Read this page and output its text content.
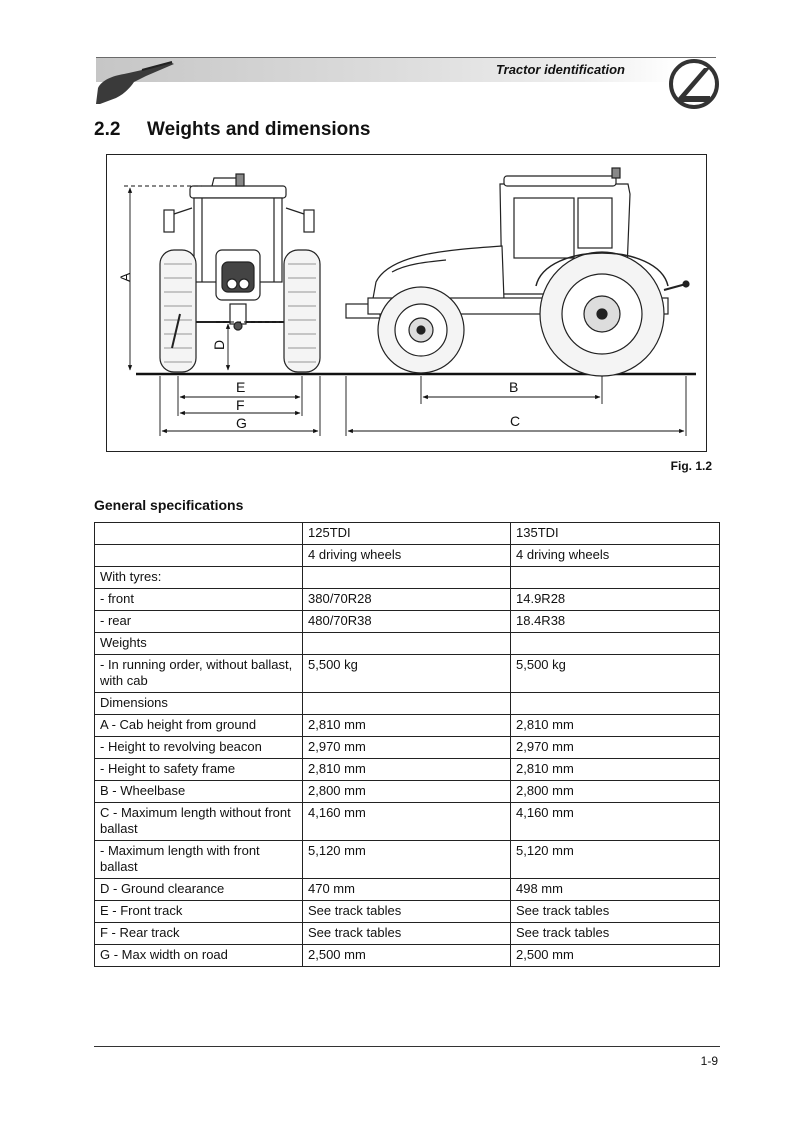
Tractor identification
2.2 Weights and dimensions
A
D
E
F
G
B
C
Fig. 1.2
General specifications
	125TDI	135TDI
	4 driving wheels	4 driving wheels
With tyres:		
- front	380/70R28	14.9R28
- rear	480/70R38	18.4R38
Weights		
- In running order, without ballast, with cab	5,500 kg	5,500 kg
Dimensions		
A - Cab height from ground	2,810 mm	2,810 mm
- Height to revolving beacon	2,970 mm	2,970 mm
- Height to safety frame	2,810 mm	2,810 mm
B - Wheelbase	2,800 mm	2,800 mm
C - Maximum length without front ballast	4,160 mm	4,160 mm
- Maximum length with front ballast	5,120 mm	5,120 mm
D - Ground clearance	470 mm	498 mm
E - Front track	See track tables	See track tables
F - Rear track	See track tables	See track tables
G - Max width on road	2,500 mm	2,500 mm
1-9
